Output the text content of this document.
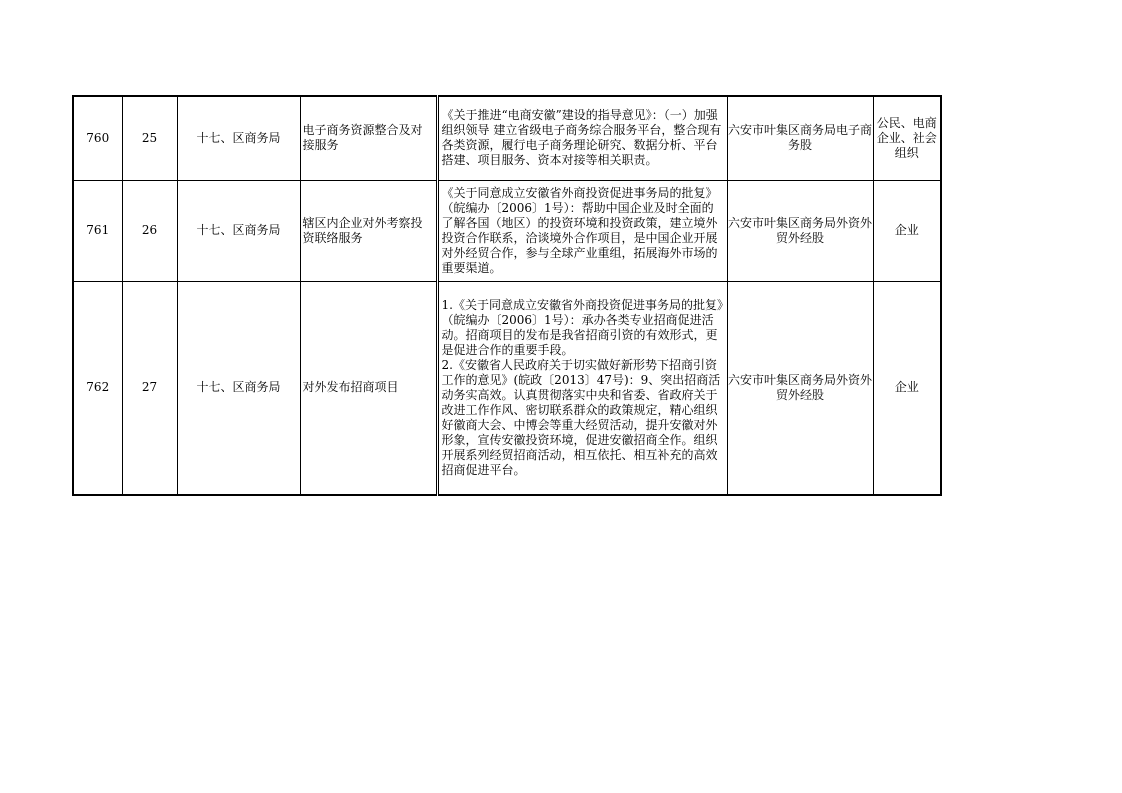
760	25	十七、区商务局	电子商务资源整合及对接服务	《关于推进“电商安徽”建设的指导意见》：（一）加强组织领导 建立省级电子商务综合服务平台，整合现有各类资源，履行电子商务理论研究、数据分析、平台搭建、项目服务、资本对接等相关职责。	六安市叶集区商务局电子商务股	公民、电商企业、社会组织
761	26	十七、区商务局	辖区内企业对外考察投资联络服务	《关于同意成立安徽省外商投资促进事务局的批复》（皖编办〔2006〕1号）：帮助中国企业及时全面的了解各国（地区）的投资环境和投资政策，建立境外投资合作联系，洽谈境外合作项目，是中国企业开展对外经贸合作，参与全球产业重组，拓展海外市场的重要渠道。	六安市叶集区商务局外资外贸外经股	企业
762	27	十七、区商务局	对外发布招商项目	1.《关于同意成立安徽省外商投资促进事务局的批复》（皖编办〔2006〕1号）：承办各类专业招商促进活动。招商项目的发布是我省招商引资的有效形式，更是促进合作的重要手段。
2.《安徽省人民政府关于切实做好新形势下招商引资工作的意见》(皖政〔2013〕47号)：9、突出招商活动务实高效。认真贯彻落实中央和省委、省政府关于改进工作作风、密切联系群众的政策规定，精心组织好徽商大会、中博会等重大经贸活动，提升安徽对外形象，宣传安徽投资环境，促进安徽招商全作。组织开展系列经贸招商活动，相互依托、相互补充的高效招商促进平台。	六安市叶集区商务局外资外贸外经股	企业
